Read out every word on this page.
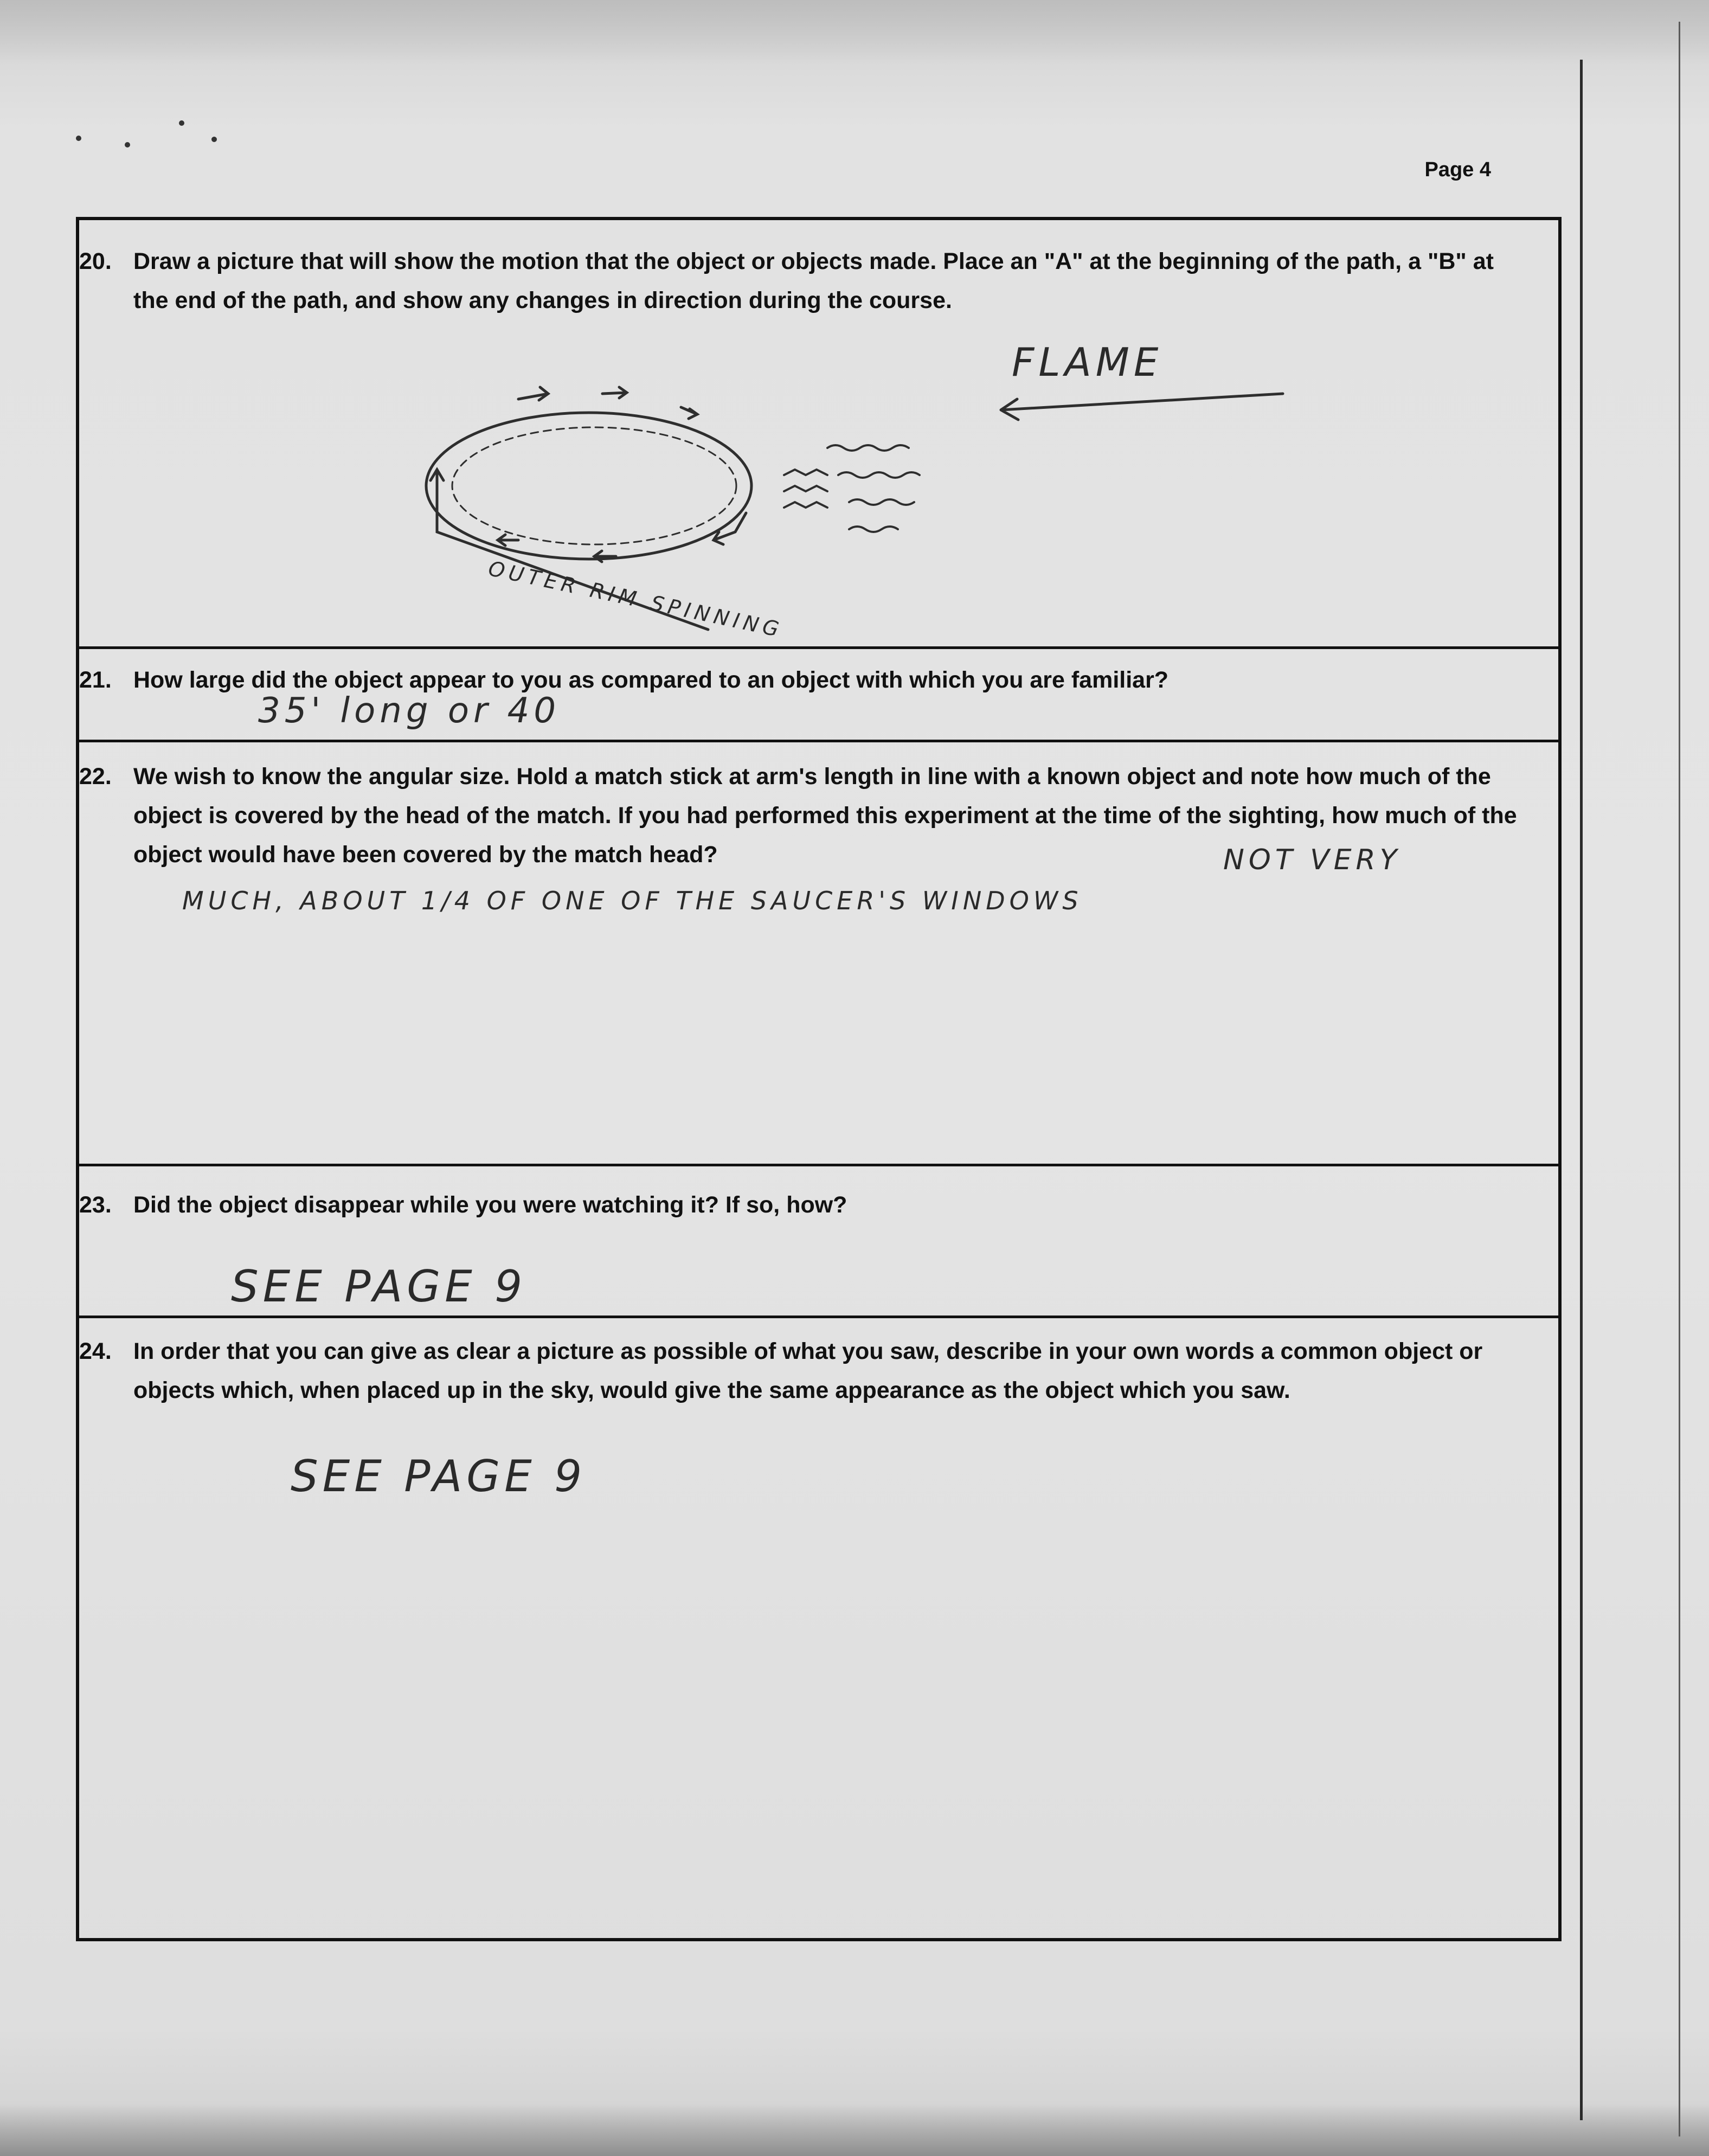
Page 4
20. Draw a picture that will show the motion that the object or objects made. Place an "A" at the beginning of the path, a "B" at the end of the path, and show any changes in direction during the course.
FLAME
OUTER RIM SPINNING
21. How large did the object appear to you as compared to an object with which you are familiar?
35' long or 40
22. We wish to know the angular size. Hold a match stick at arm's length in line with a known object and note how much of the object is covered by the head of the match. If you had performed this experiment at the time of the sighting, how much of the object would have been covered by the match head?	NOT VERY
MUCH, ABOUT 1/4 OF ONE OF THE SAUCER'S WINDOWS
23. Did the object disappear while you were watching it? If so, how?
SEE PAGE 9
24. In order that you can give as clear a picture as possible of what you saw, describe in your own words a common object or objects which, when placed up in the sky, would give the same appearance as the object which you saw.
SEE PAGE 9
